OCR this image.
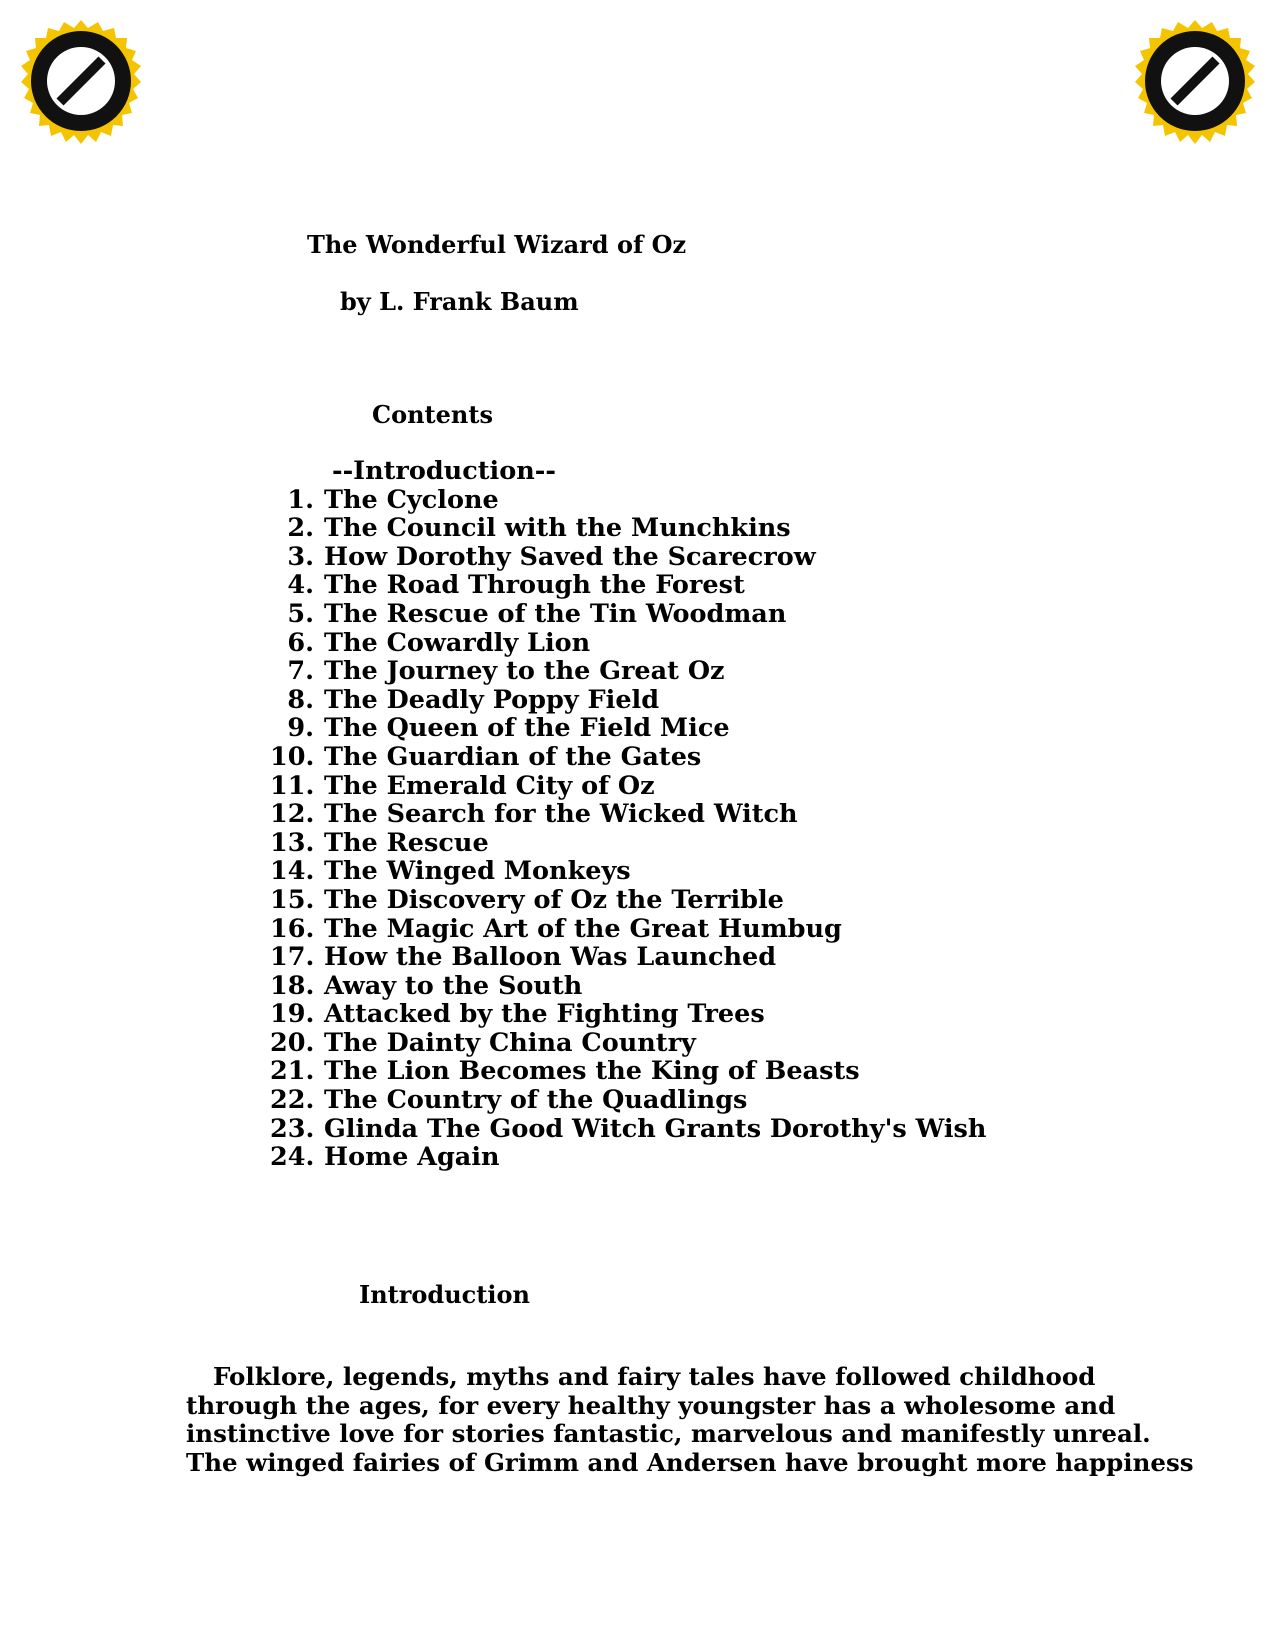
The Wonderful Wizard of Oz
by L. Frank Baum
Contents
--Introduction--
1. The Cyclone
2. The Council with the Munchkins
3. How Dorothy Saved the Scarecrow
4. The Road Through the Forest
5. The Rescue of the Tin Woodman
6. The Cowardly Lion
7. The Journey to the Great Oz
8. The Deadly Poppy Field
9. The Queen of the Field Mice
10. The Guardian of the Gates
11. The Emerald City of Oz
12. The Search for the Wicked Witch
13. The Rescue
14. The Winged Monkeys
15. The Discovery of Oz the Terrible
16. The Magic Art of the Great Humbug
17. How the Balloon Was Launched
18. Away to the South
19. Attacked by the Fighting Trees
20. The Dainty China Country
21. The Lion Becomes the King of Beasts
22. The Country of the Quadlings
23. Glinda The Good Witch Grants Dorothy's Wish
24. Home Again
Introduction

Folklore, legends, myths and fairy tales have followed childhood
through the ages, for every healthy youngster has a wholesome and
instinctive love for stories fantastic, marvelous and manifestly unreal.
The winged fairies of Grimm and Andersen have brought more happiness
